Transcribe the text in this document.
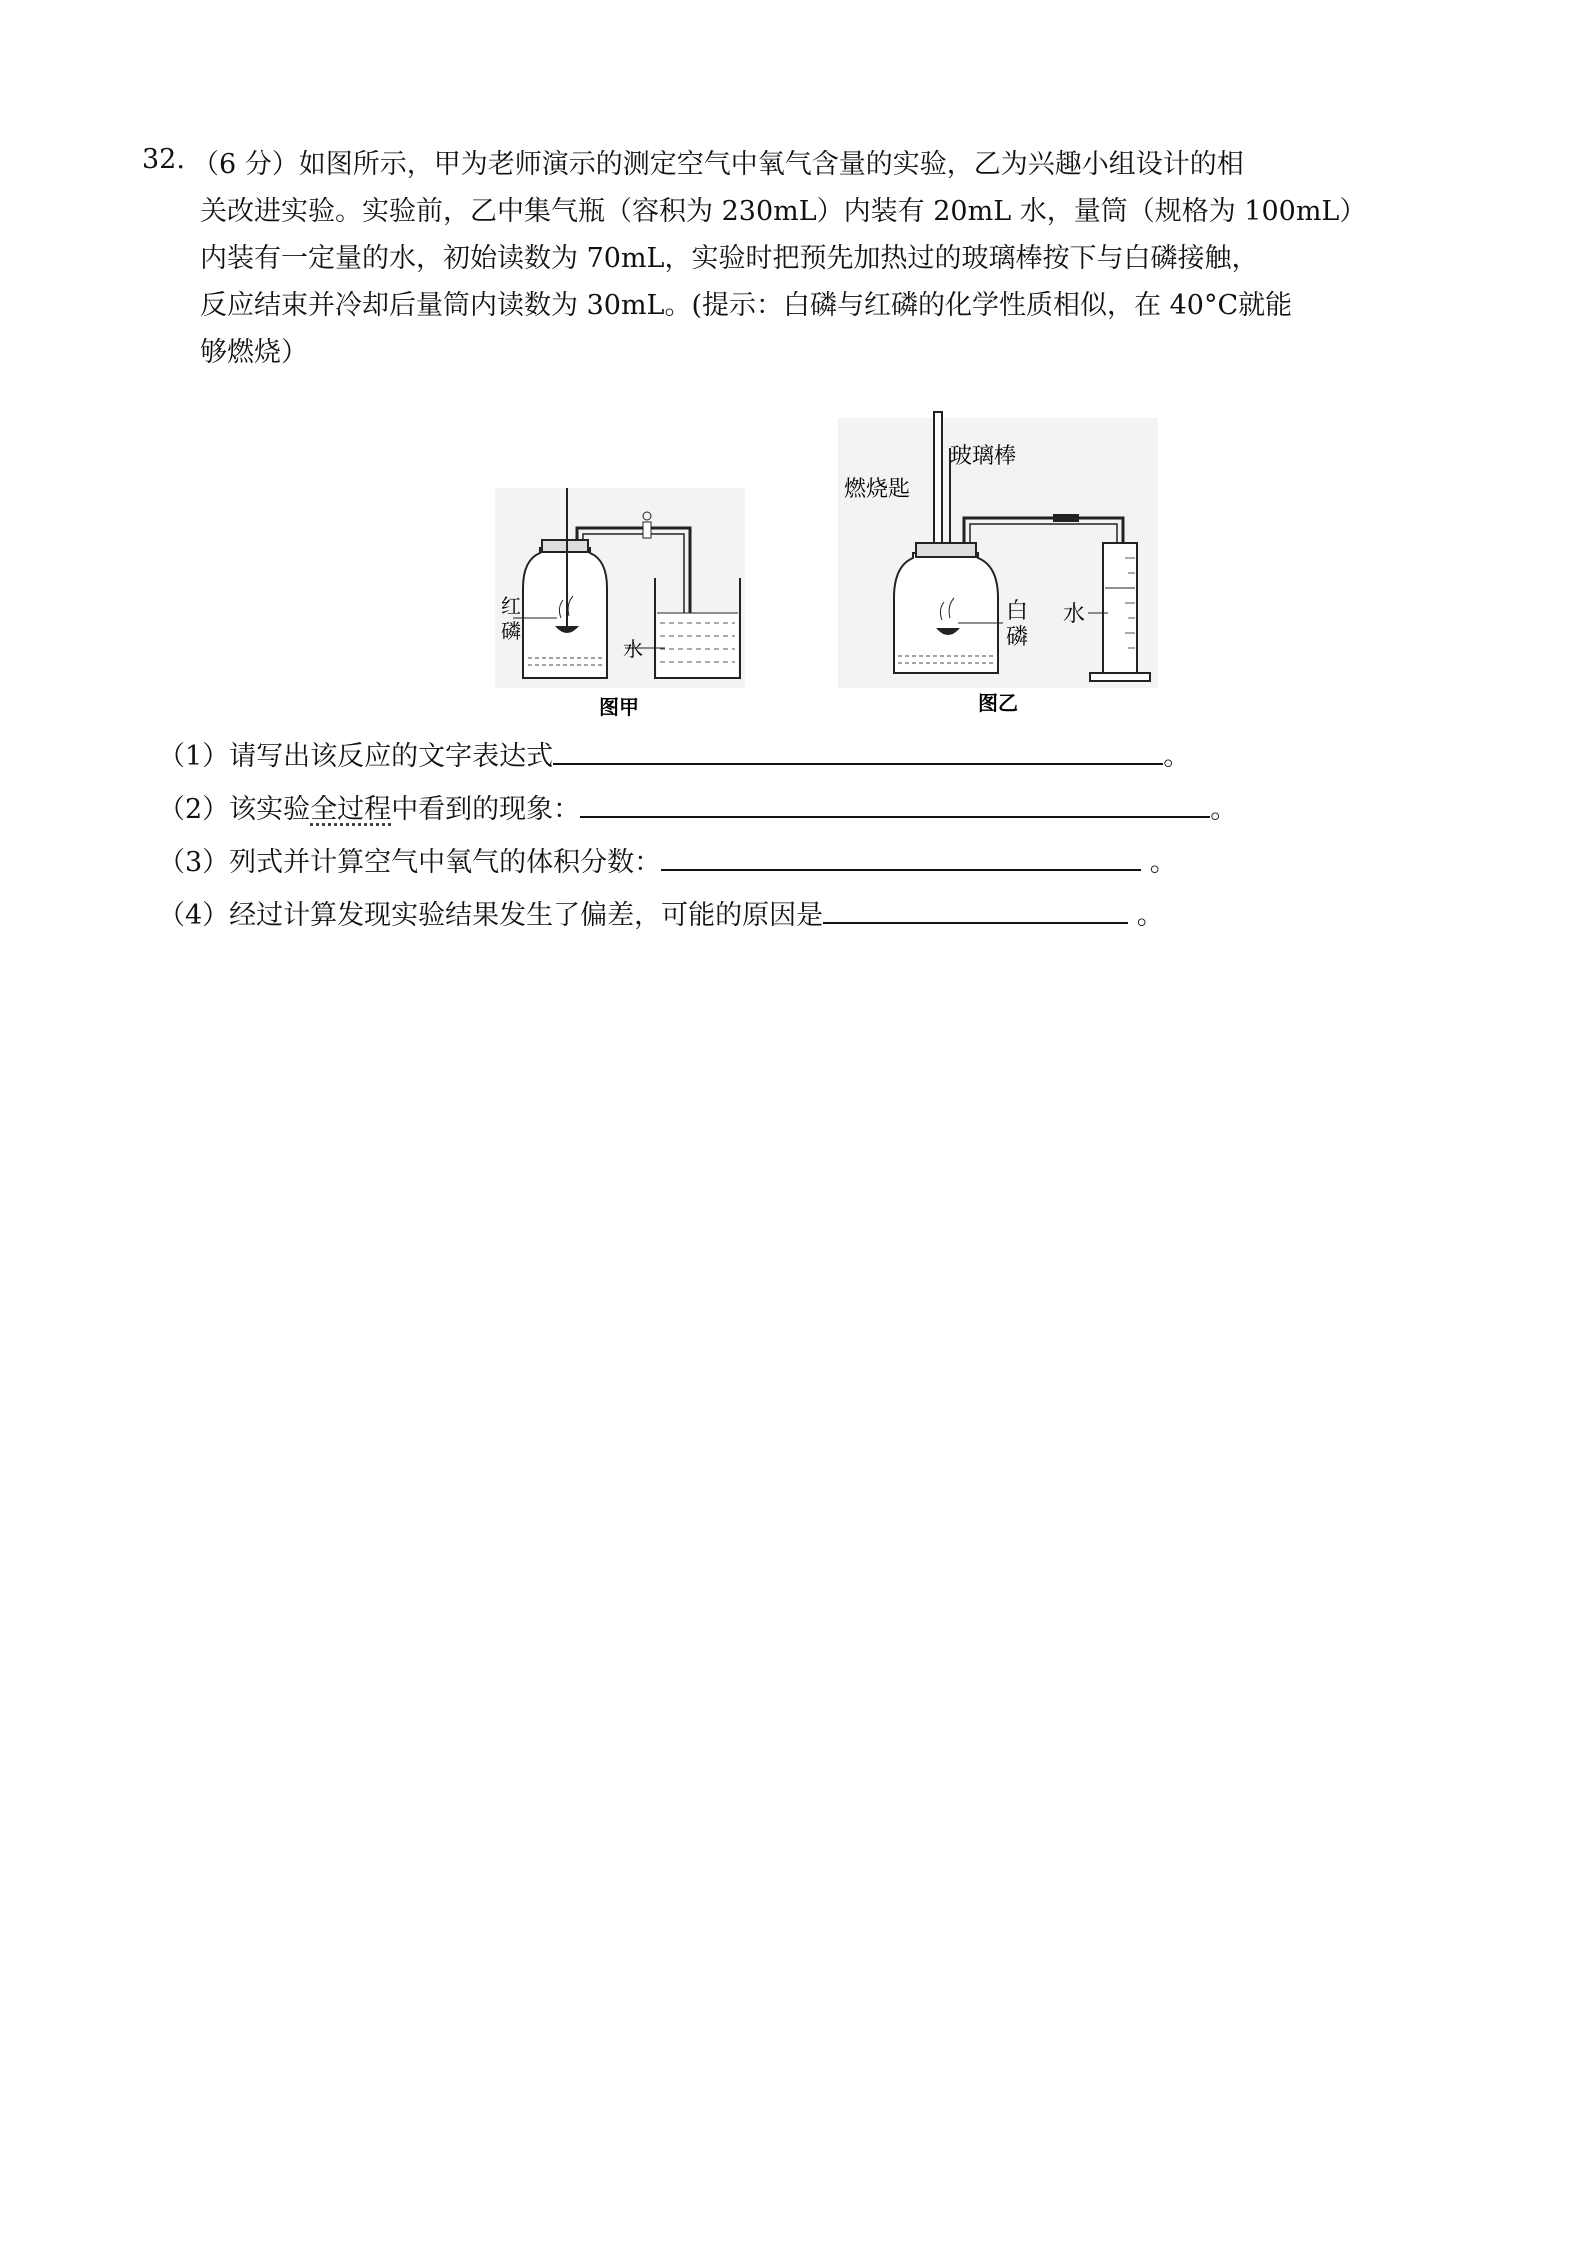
32. （6 分）如图所示，甲为老师演示的测定空气中氧气含量的实验，乙为兴趣小组设计的相
关改进实验。实验前，乙中集气瓶（容积为 230mL）内装有 20mL 水，量筒（规格为 100mL）
内装有一定量的水，初始读数为 70mL，实验时把预先加热过的玻璃棒按下与白磷接触，
反应结束并冷却后量筒内读数为 30mL。(提示：白磷与红磷的化学性质相似，在 40°C就能
够燃烧）
红
磷
水
图甲
燃烧匙
玻璃棒
白
磷
水
图乙
（1）请写出该反应的文字表达式	。
（2）该实验全过程中看到的现象：	。
（3）列式并计算空气中氧气的体积分数：	。
（4）经过计算发现实验结果发生了偏差，可能的原因是	。
